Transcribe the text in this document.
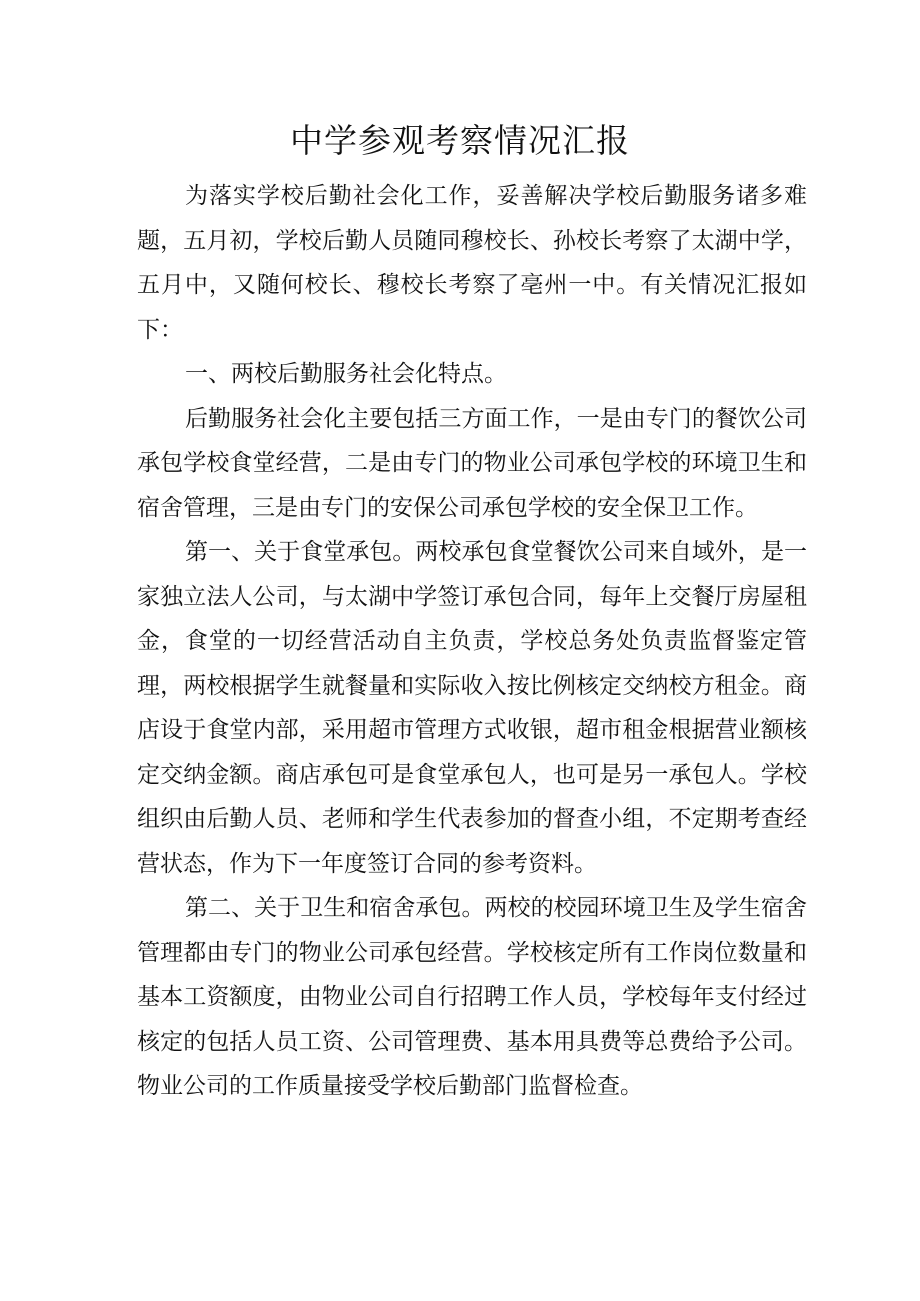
中学参观考察情况汇报

为落实学校后勤社会化工作，妥善解决学校后勤服务诸多难题，五月初，学校后勤人员随同穆校长、孙校长考察了太湖中学，五月中，又随何校长、穆校长考察了亳州一中。有关情况汇报如下：

一、两校后勤服务社会化特点。

后勤服务社会化主要包括三方面工作，一是由专门的餐饮公司承包学校食堂经营，二是由专门的物业公司承包学校的环境卫生和宿舍管理，三是由专门的安保公司承包学校的安全保卫工作。

第一、关于食堂承包。两校承包食堂餐饮公司来自域外，是一家独立法人公司，与太湖中学签订承包合同，每年上交餐厅房屋租金，食堂的一切经营活动自主负责，学校总务处负责监督鉴定管理，两校根据学生就餐量和实际收入按比例核定交纳校方租金。商店设于食堂内部，采用超市管理方式收银，超市租金根据营业额核定交纳金额。商店承包可是食堂承包人，也可是另一承包人。学校组织由后勤人员、老师和学生代表参加的督查小组，不定期考查经营状态，作为下一年度签订合同的参考资料。

第二、关于卫生和宿舍承包。两校的校园环境卫生及学生宿舍管理都由专门的物业公司承包经营。学校核定所有工作岗位数量和基本工资额度，由物业公司自行招聘工作人员，学校每年支付经过核定的包括人员工资、公司管理费、基本用具费等总费给予公司。物业公司的工作质量接受学校后勤部门监督检查。
